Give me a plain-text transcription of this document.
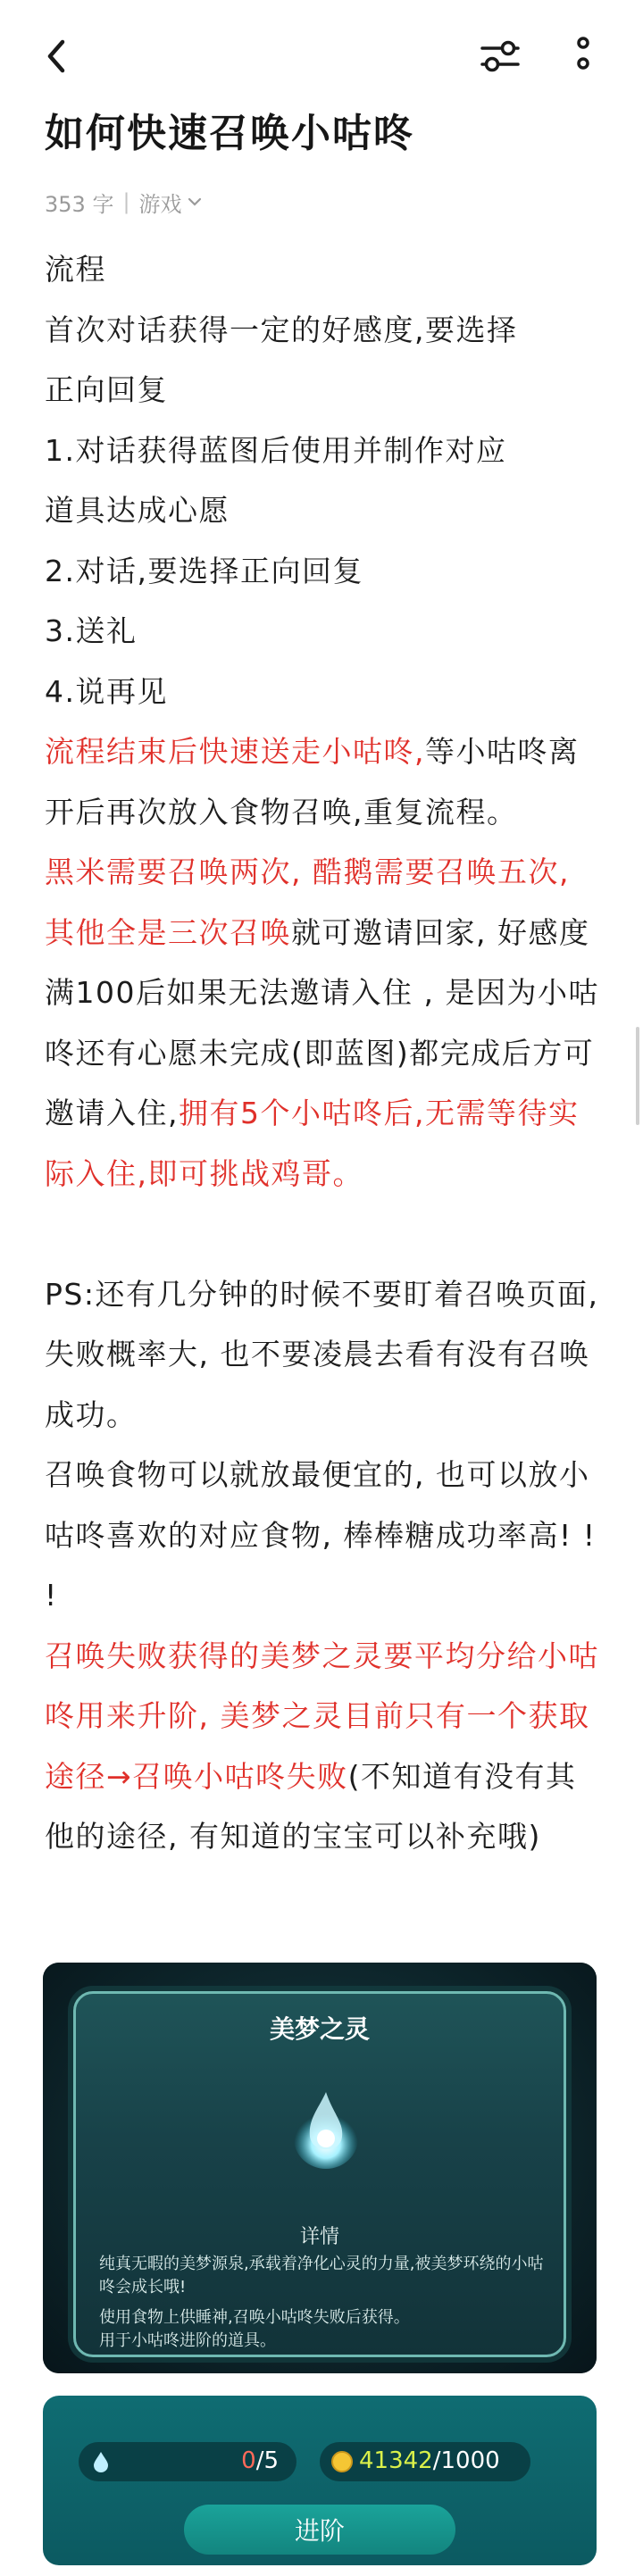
如何快速召唤小咕咚
353 字 | 游戏

流程

首次对话获得一定的好感度,要选择

正向回复

1.对话获得蓝图后使用并制作对应

道具达成心愿

2.对话,要选择正向回复

3.送礼

4.说再见

流程结束后快速送走小咕咚,等小咕咚离开后再次放入食物召唤,重复流程。

黑米需要召唤两次, 酷鹅需要召唤五次, 其他全是三次召唤就可邀请回家, 好感度满100后如果无法邀请入住 , 是因为小咕咚还有心愿未完成(即蓝图)都完成后方可邀请入住,拥有5个小咕咚后,无需等待实际入住,即可挑战鸡哥。

PS:还有几分钟的时候不要盯着召唤页面, 失败概率大, 也不要凌晨去看有没有召唤成功。

召唤食物可以就放最便宜的, 也可以放小咕咚喜欢的对应食物, 棒棒糖成功率高! ! !

召唤失败获得的美梦之灵要平均分给小咕咚用来升阶, 美梦之灵目前只有一个获取途径→召唤小咕咚失败(不知道有没有其他的途径, 有知道的宝宝可以补充哦)

美梦之灵
详情
纯真无暇的美梦源泉,承载着净化心灵的力量,被美梦环绕的小咕咚会成长哦!
使用食物上供睡神,召唤小咕咚失败后获得。
用于小咕咚进阶的道具。
0/5	41342/1000
进阶
